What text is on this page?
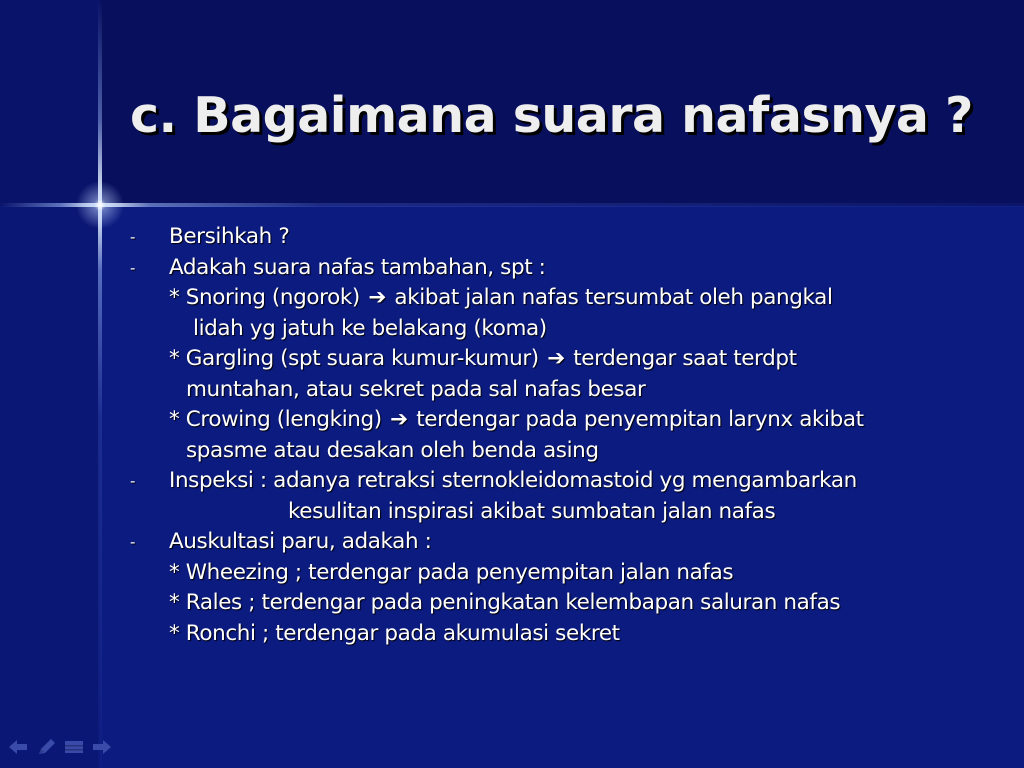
c. Bagaimana suara nafasnya ?
- Bersihkah ?
- Adakah suara nafas tambahan, spt :
* Snoring (ngorok) ➔ akibat jalan nafas tersumbat oleh pangkal
lidah yg jatuh ke belakang (koma)
* Gargling (spt suara kumur-kumur) ➔ terdengar saat terdpt
muntahan, atau sekret pada sal nafas besar
* Crowing (lengking) ➔ terdengar pada penyempitan larynx akibat
spasme atau desakan oleh benda asing
- Inspeksi : adanya retraksi sternokleidomastoid yg mengambarkan
kesulitan inspirasi akibat sumbatan jalan nafas
- Auskultasi paru, adakah :
* Wheezing ; terdengar pada penyempitan jalan nafas
* Rales ; terdengar pada peningkatan kelembapan saluran nafas
* Ronchi ; terdengar pada akumulasi sekret
